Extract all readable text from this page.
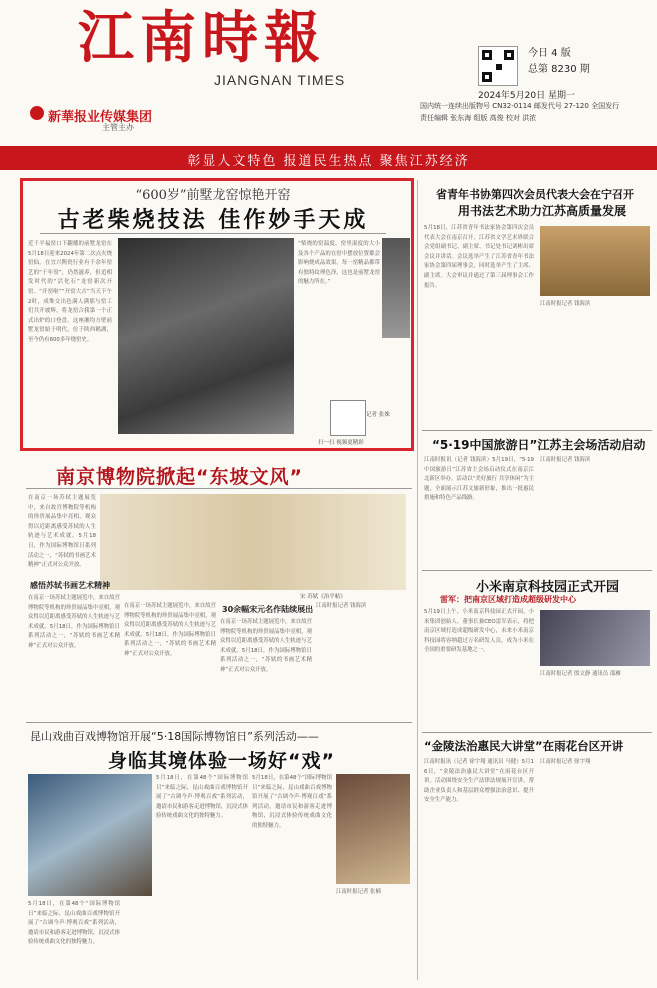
江南時報
JIANGNAN TIMES
新華报业传媒集团
主管主办
今日 4 版
总第 8230 期
2024年5月20日 星期一
国内统一连续出版物号 CN32-0114 邮发代号 27-120 全国发行
责任编辑 张东海 组版 高俊 校对 洪浓
彰显人文特色 报道民生热点 聚焦江苏经济
“600岁”前墅龙窑惊艳开窑
古老柴烧技法 佳作妙手天成
近千平福窑口下翻播的前墅龙窑在5月18日迎来2024年第二次点火烧窑仙。在宜兴陶瓷行业有千余年窑艺的“千年窑”，仍然滋养，但追相发时代的“活化石”龙窑新次开窑。“开窑啦”“开窑大吉”当天下午2时，成堆交出色满人满那与窑工们共开坡辉，将龙窑合我第一个正式出炉的口登盘。这座湘均方壁前墅龙窑始于明代，位于陕西鹤湖，至今仍有600多年烧窑史。
“柴烧的窑温度、窑里湿度的大小及各个产品的在窑中摆放位置都会影响烧成品效果。每一窑精品都带有独特纹理色泽，这也是前墅龙窑的魅力所在。”
扫一扫 视频更精彩
记者 张姝
省青年书协第四次会员代表大会在宁召开
用书法艺术助力江苏高质量发展
5月18日，江苏省青年书法家协会第四次会员代表大会在南京召开。江苏省文学艺术界联合会党组副书记、副主席、书记处书记刘彬出席会议并讲话。会议选举产生了江苏省青年书法家协会第四届理事会，同时选举产生了主席、副主席。大会审议并通过了第三届理事会工作报告。
江南时报记者 钱海滨
“5·19中国旅游日”江苏主会场活动启动
江南时报讯（记者 钱海滨）5月19日，“5·19中国旅游日”江苏省主会场启动仪式在南京江北新区举办。活动以“美好旅行 共享休闲”为主题，全面展示江苏文旅新形象，推出一批惠民措施和特色产品线路。
江南时报记者 钱海滨
小米南京科技园正式开园
雷军：把南京区域打造成超级研发中心
5月19日上午，小米南京科技园正式开园。小米集团创始人、董事长兼CEO雷军表示，将把南京区域打造成超级研发中心，未来小米南京科技园将容纳超过万名研发人员，成为小米在全国的重要研发基地之一。
江南时报记者 殷文静 通讯员 邵雁
“金陵法治惠民大讲堂”在雨花台区开讲
江南时报讯（记者 徐宇翔 通讯员 马健）5月16日，“金陵法治惠民大讲堂”在雨花台区开讲。活动围绕安全生产法律法规展开宣讲，帮助企业负责人和基层群众增强法治意识、提升安全生产能力。
江南时报记者 徐宇翔
南京博物院掀起“东坡文风”
在南京一场苏轼主题展览中，来自故宫博物院等机构的珍贵展品集中亮相，观众得以近距离感受苏轼的人生轨迹与艺术成就。5月18日，作为国际博物馆日系列活动之一，“苏轼的书画艺术精神”正式对公众开放。
宋 苏轼《治平帖》
感悟苏轼书画艺术精神
在南京一场苏轼主题展览中，来自故宫博物院等机构的珍贵展品集中亮相，观众得以近距离感受苏轼的人生轨迹与艺术成就。5月18日，作为国际博物馆日系列活动之一，“苏轼的书画艺术精神”正式对公众开放。
在南京一场苏轼主题展览中，来自故宫博物院等机构的珍贵展品集中亮相，观众得以近距离感受苏轼的人生轨迹与艺术成就。5月18日，作为国际博物馆日系列活动之一，“苏轼的书画艺术精神”正式对公众开放。
30余幅宋元名作陆续展出
在南京一场苏轼主题展览中，来自故宫博物院等机构的珍贵展品集中亮相，观众得以近距离感受苏轼的人生轨迹与艺术成就。5月18日，作为国际博物馆日系列活动之一，“苏轼的书画艺术精神”正式对公众开放。
江南时报记者 钱海滨
昆山戏曲百戏博物馆开展“5·18国际博物馆日”系列活动——
身临其境体验一场好“戏”
5月18日，在第48个“国际博物馆日”来临之际，昆山戏曲百戏博物馆开展了“古调今声·博观百戏”系列活动，邀请市民和游客走进博物馆，沉浸式体验传统戏曲文化的独特魅力。
5月18日，在第48个“国际博物馆日”来临之际，昆山戏曲百戏博物馆开展了“古调今声·博观百戏”系列活动，邀请市民和游客走进博物馆，沉浸式体验传统戏曲文化的独特魅力。
5月18日，在第48个“国际博物馆日”来临之际，昆山戏曲百戏博物馆开展了“古调今声·博观百戏”系列活动，邀请市民和游客走进博物馆，沉浸式体验传统戏曲文化的独特魅力。
江南时报记者 张楠
